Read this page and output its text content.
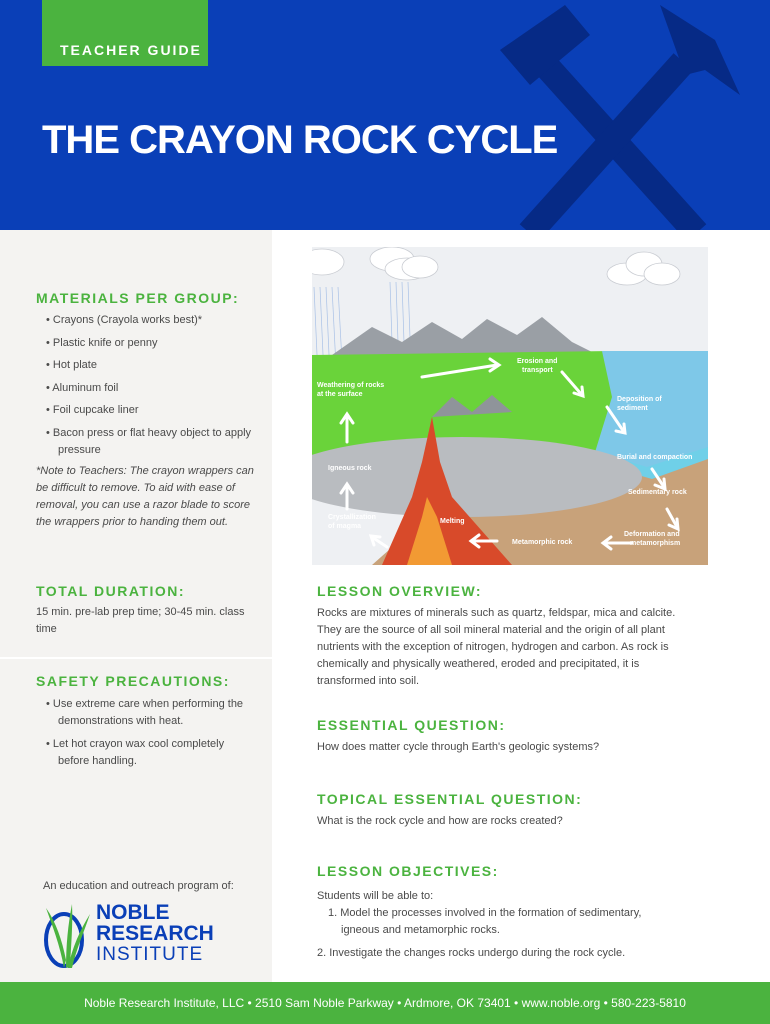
TEACHER GUIDE
THE CRAYON ROCK CYCLE
MATERIALS PER GROUP:
• Crayons (Crayola works best)*
• Plastic knife or penny
• Hot plate
• Aluminum foil
• Foil cupcake liner
• Bacon press or flat heavy object to apply pressure
*Note to Teachers: The crayon wrappers can be difficult to remove. To aid with ease of removal, you can use a razor blade to score the wrappers prior to handing them out.
TOTAL DURATION:
15 min. pre-lab prep time; 30-45 min. class time
SAFETY PRECAUTIONS:
• Use extreme care when performing the demonstrations with heat.
• Let hot crayon wax cool completely before handling.
An education and outreach program of:
NOBLE
RESEARCH
INSTITUTE
Erosion and transport
Weathering of rocks at the surface
Deposition of sediment
Burial and compaction
Igneous rock
Sedimentary rock
Crystallization of magma
Melting
Metamorphic rock
Deformation and metamorphism
LESSON OVERVIEW:
Rocks are mixtures of minerals such as quartz, feldspar, mica and calcite. They are the source of all soil mineral material and the origin of all plant nutrients with the exception of nitrogen, hydrogen and carbon. As rock is chemically and physically weathered, eroded and precipitated, it is transformed into soil.
ESSENTIAL QUESTION:
How does matter cycle through Earth's geologic systems?
TOPICAL ESSENTIAL QUESTION:
What is the rock cycle and how are rocks created?
LESSON OBJECTIVES:
Students will be able to:
1. Model the processes involved in the formation of sedimentary, igneous and metamorphic rocks.
2. Investigate the changes rocks undergo during the rock cycle.
Noble Research Institute, LLC • 2510 Sam Noble Parkway • Ardmore, OK 73401 • www.noble.org • 580-223-5810
